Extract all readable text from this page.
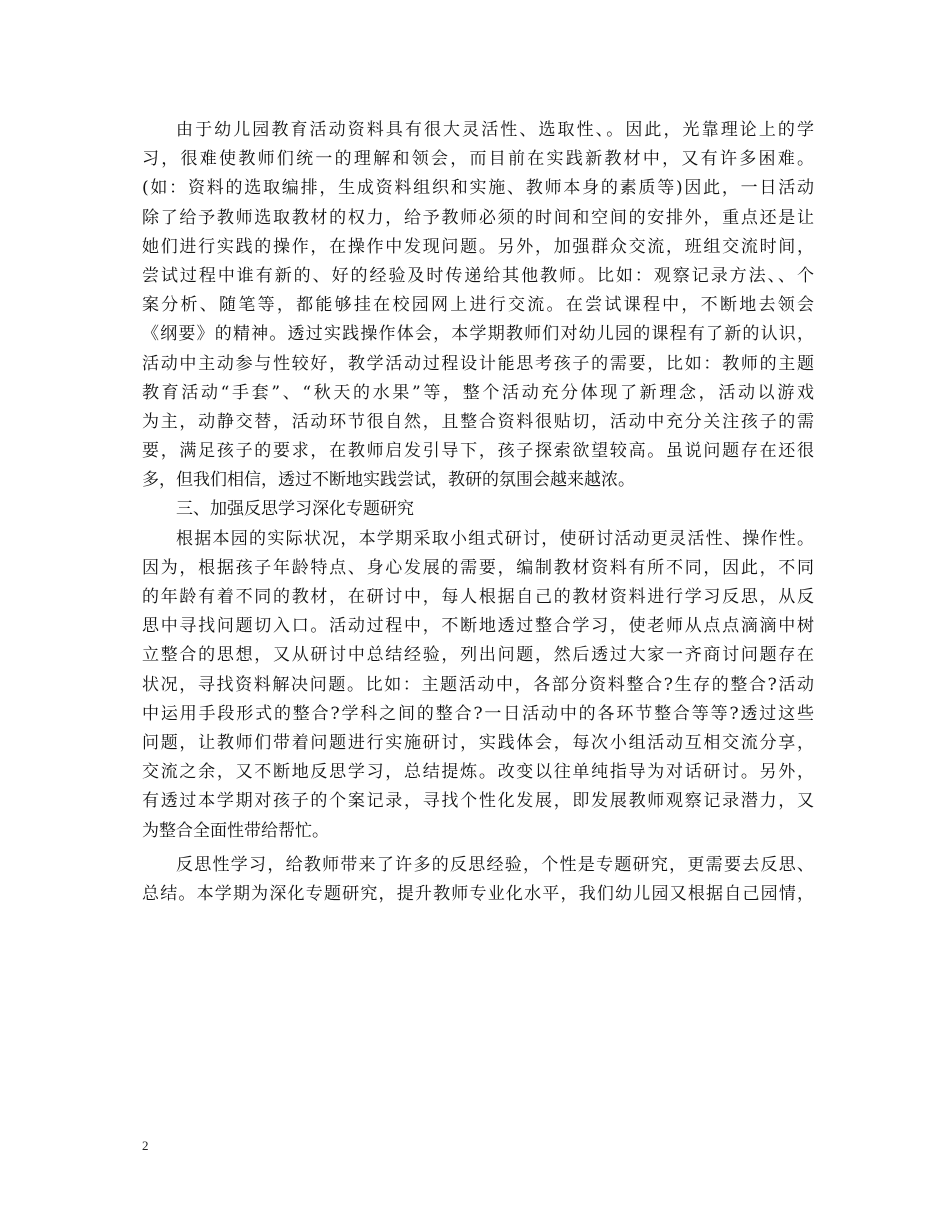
由于幼儿园教育活动资料具有很大灵活性、选取性、。因此，光靠理论上的学
习，很难使教师们统一的理解和领会，而目前在实践新教材中，又有许多困难。
(如：资料的选取编排，生成资料组织和实施、教师本身的素质等)因此，一日活动
除了给予教师选取教材的权力，给予教师必须的时间和空间的安排外，重点还是让
她们进行实践的操作，在操作中发现问题。另外，加强群众交流，班组交流时间，
尝试过程中谁有新的、好的经验及时传递给其他教师。比如：观察记录方法、、个
案分析、随笔等，都能够挂在校园网上进行交流。在尝试课程中，不断地去领会
《纲要》的精神。透过实践操作体会，本学期教师们对幼儿园的课程有了新的认识，
活动中主动参与性较好，教学活动过程设计能思考孩子的需要，比如：教师的主题
教育活动“手套”、“秋天的水果”等，整个活动充分体现了新理念，活动以游戏
为主，动静交替，活动环节很自然，且整合资料很贴切，活动中充分关注孩子的需
要，满足孩子的要求，在教师启发引导下，孩子探索欲望较高。虽说问题存在还很
多，但我们相信，透过不断地实践尝试，教研的氛围会越来越浓。
三、加强反思学习深化专题研究
根据本园的实际状况，本学期采取小组式研讨，使研讨活动更灵活性、操作性。
因为，根据孩子年龄特点、身心发展的需要，编制教材资料有所不同，因此，不同
的年龄有着不同的教材，在研讨中，每人根据自己的教材资料进行学习反思，从反
思中寻找问题切入口。活动过程中，不断地透过整合学习，使老师从点点滴滴中树
立整合的思想，又从研讨中总结经验，列出问题，然后透过大家一齐商讨问题存在
状况，寻找资料解决问题。比如：主题活动中，各部分资料整合?生存的整合?活动
中运用手段形式的整合?学科之间的整合?一日活动中的各环节整合等等?透过这些
问题，让教师们带着问题进行实施研讨，实践体会，每次小组活动互相交流分享，
交流之余，又不断地反思学习，总结提炼。改变以往单纯指导为对话研讨。另外，
有透过本学期对孩子的个案记录，寻找个性化发展，即发展教师观察记录潜力，又
为整合全面性带给帮忙。
反思性学习，给教师带来了许多的反思经验，个性是专题研究，更需要去反思、
总结。本学期为深化专题研究，提升教师专业化水平，我们幼儿园又根据自己园情，
2
